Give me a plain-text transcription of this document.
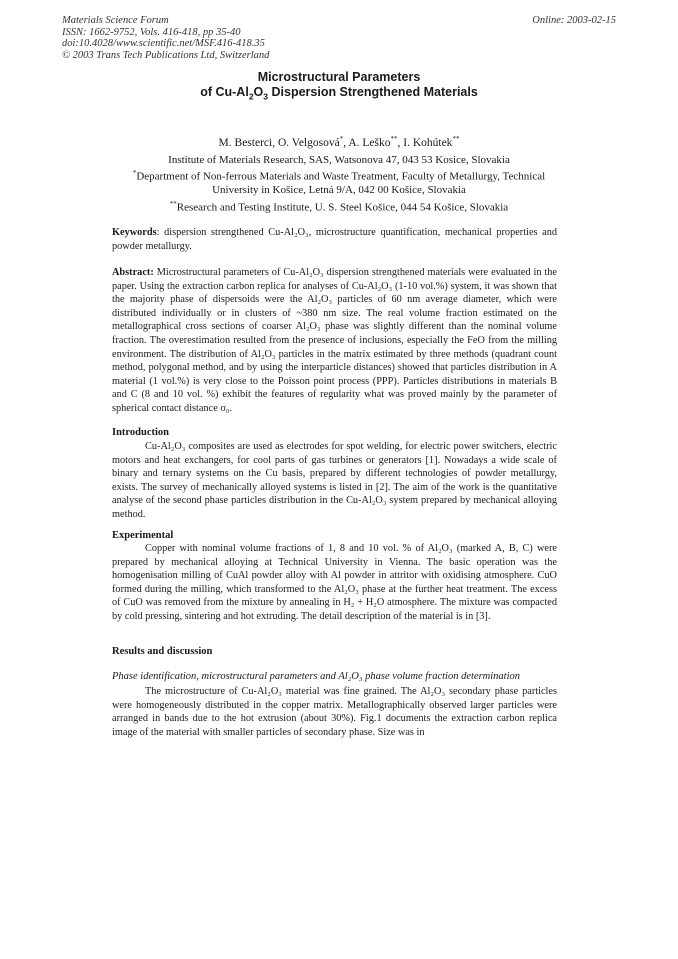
Materials Science Forum
ISSN: 1662-9752, Vols. 416-418, pp 35-40
doi:10.4028/www.scientific.net/MSF.416-418.35
© 2003 Trans Tech Publications Ltd, Switzerland
Online: 2003-02-15
Microstructural Parameters
of $Cu-Al_2O_3$ Dispersion Strengthened Materials
M. Besterci, O. Velgosová*, A. Leško**, I. Kohútek**
Institute of Materials Research, SAS, Watsonova 47, 043 53 Kosice, Slovakia
*Department of Non-ferrous Materials and Waste Treatment, Faculty of Metallurgy, Technical
University in Košice, Letná 9/A, 042 00 Košice, Slovakia
**Research and Testing Institute, U. S. Steel Košice, 044 54 Košice, Slovakia

Keywords: dispersion strengthened Cu-Al₂O₃, microstructure quantification, mechanical properties and powder metallurgy.

Abstract: Microstructural parameters of Cu-Al₂O₃ dispersion strengthened materials were evaluated in the paper. Using the extraction carbon replica for analyses of Cu-Al₂O₃ (1-10 vol.%) system, it was shown that the majority phase of dispersoids were the Al₂O₃ particles of 60 nm average diameter, which were distributed individually or in clusters of ~380 nm size. The real volume fraction estimated on the metallographical cross sections of coarser Al₂O₃ phase was slightly different than the nominal volume fraction. The overestimation resulted from the presence of inclusions, especially the FeO from the milling environment. The distribution of Al₂O₃ particles in the matrix estimated by three methods (quadrant count method, polygonal method, and by using the interparticle distances) showed that particles distribution in A material (1 vol.%) is very close to the Poisson point process (PPP). Particles distributions in materials B and C (8 and 10 vol. %) exhibit the features of regularity what was proved mainly by the parameter of spherical contact distance σ₀.

Introduction

Cu-Al₂O₃ composites are used as electrodes for spot welding, for electric power switchers, electric motors and heat exchangers, for cool parts of gas turbines or generators [1]. Nowadays a wide scale of binary and ternary systems on the Cu basis, prepared by different technologies of powder metallurgy, exists. The survey of mechanically alloyed systems is listed in [2]. The aim of the work is the quantitative analyse of the second phase particles distribution in the Cu-Al₂O₃ system prepared by mechanical alloying method.

Experimental

Copper with nominal volume fractions of 1, 8 and 10 vol. % of Al₂O₃ (marked A, B, C) were prepared by mechanical alloying at Technical University in Vienna. The basic operation was the homogenisation milling of CuAl powder alloy with Al powder in attritor with oxidising atmosphere. CuO formed during the milling, which transformed to the Al₂O₃ phase at the further heat treatment. The excess of CuO was removed from the mixture by annealing in H₂ + H₂O atmosphere. The mixture was compacted by cold pressing, sintering and hot extruding. The detail description of the material is in [3].

Results and discussion
Phase identification, microstructural parameters and Al₂O₃ phase volume fraction determination

The microstructure of Cu-Al₂O₃ material was fine grained. The Al₂O₃ secondary phase particles were homogeneously distributed in the copper matrix. Metallographically observed larger particles were arranged in bands due to the hot extrusion (about 30%). Fig.1 documents the extraction carbon replica image of the material with smaller particles of secondary phase. Size was in
